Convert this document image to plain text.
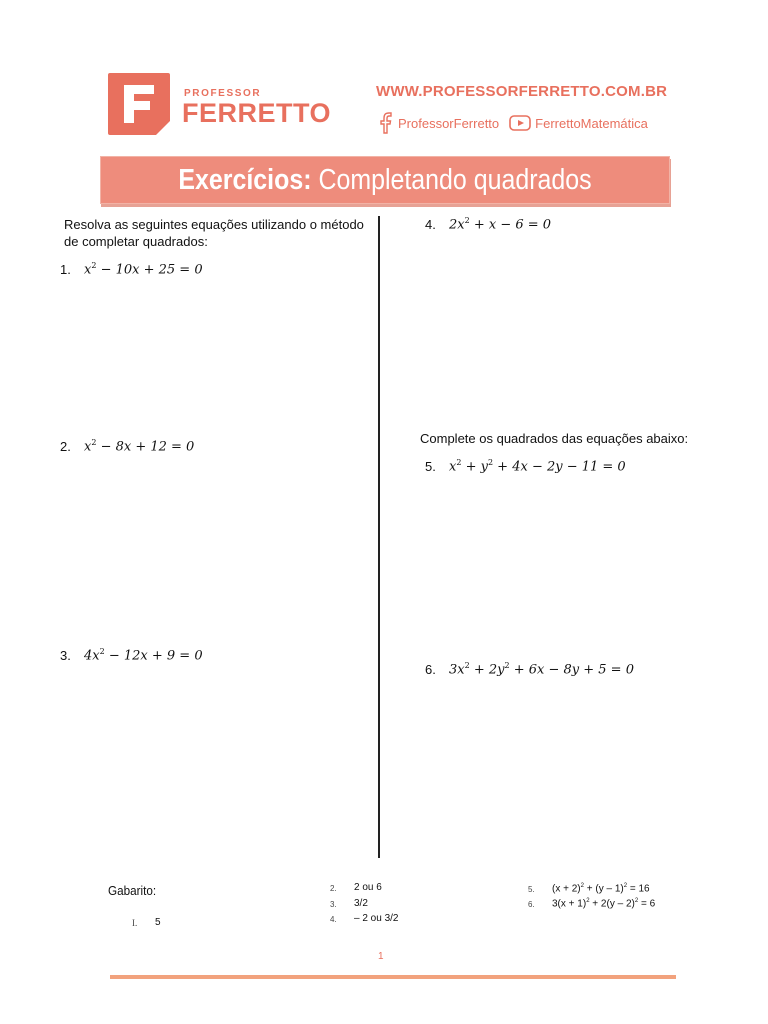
PROFESSOR
FERRETTO
WWW.PROFESSORFERRETTO.COM.BR
ProfessorFerretto	FerrettoMatemática
Exercícios: Completando quadrados
Resolva as seguintes equações utilizando o método
de completar quadrados:
1. $x^2 - 10x + 25 = 0$
2. $x^2 - 8x + 12 = 0$
3. $4x^2 - 12x + 9 = 0$
4. $2x^2 + x - 6 = 0$
Complete os quadrados das equações abaixo:
5. $x^2 + y^2 + 4x - 2y - 11 = 0$
6. $3x^2 + 2y^2 + 6x - 8y + 5 = 0$
Gabarito:
I. 5
2. 2 ou 6
3. 3/2
4. – 2 ou 3/2
5. $(x + 2)^2 + (y - 1)^2 = 16$
6. $3(x + 1)^2 + 2(y - 2)^2 = 6$
1
